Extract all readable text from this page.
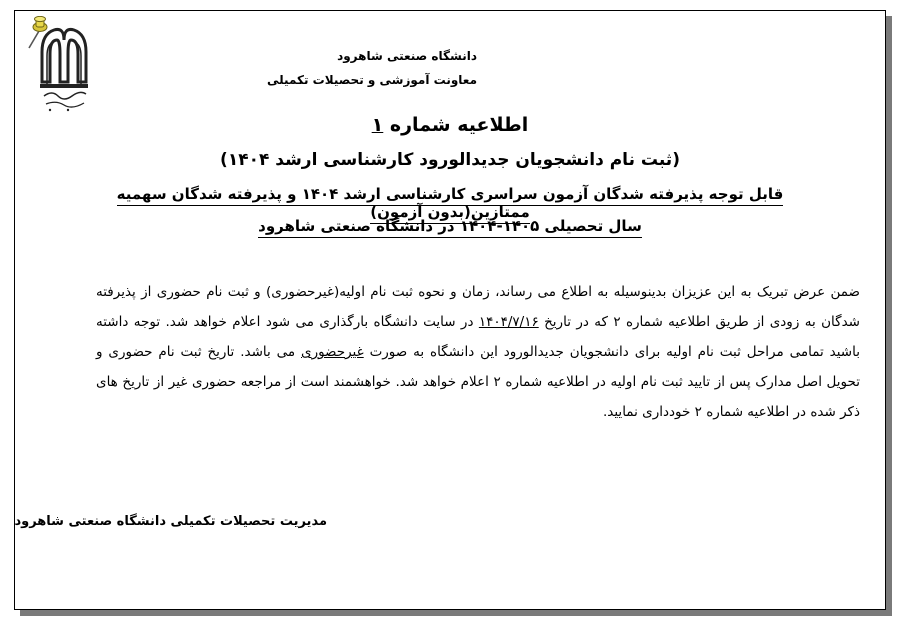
دانشگاه صنعتی شاهرود
معاونت آموزشی و تحصیلات تکمیلی
اطلاعیه شماره ۱
(ثبت نام دانشجویان جدیدالورود کارشناسی ارشد ۱۴۰۴)
قابل توجه پذیرفته شدگان آزمون سراسری کارشناسی ارشد ۱۴۰۴ و پذیرفته شدگان سهمیه ممتازین(بدون آزمون)
سال تحصیلی ۱۴۰۵-۱۴۰۴ در دانشگاه صنعتی شاهرود
ضمن عرض تبریک به این عزیزان بدینوسیله به اطلاع می رساند، زمان و نحوه ثبت نام اولیه(غیرحضوری) و ثبت نام حضوری از پذیرفته شدگان به زودی از طریق اطلاعیه شماره ۲ که در تاریخ ۱۴۰۴/۷/۱۶ در سایت دانشگاه بارگذاری می شود اعلام خواهد شد. توجه داشته باشید تمامی مراحل ثبت نام اولیه برای دانشجویان جدیدالورود این دانشگاه به صورت غیرحضوری می باشد. تاریخ ثبت نام حضوری و تحویل اصل مدارک پس از تایید ثبت نام اولیه در اطلاعیه شماره ۲ اعلام خواهد شد. خواهشمند است از مراجعه حضوری غیر از تاریخ های ذکر شده در اطلاعیه شماره ۲ خودداری نمایید.
مدیریت تحصیلات تکمیلی دانشگاه صنعتی شاهرود
